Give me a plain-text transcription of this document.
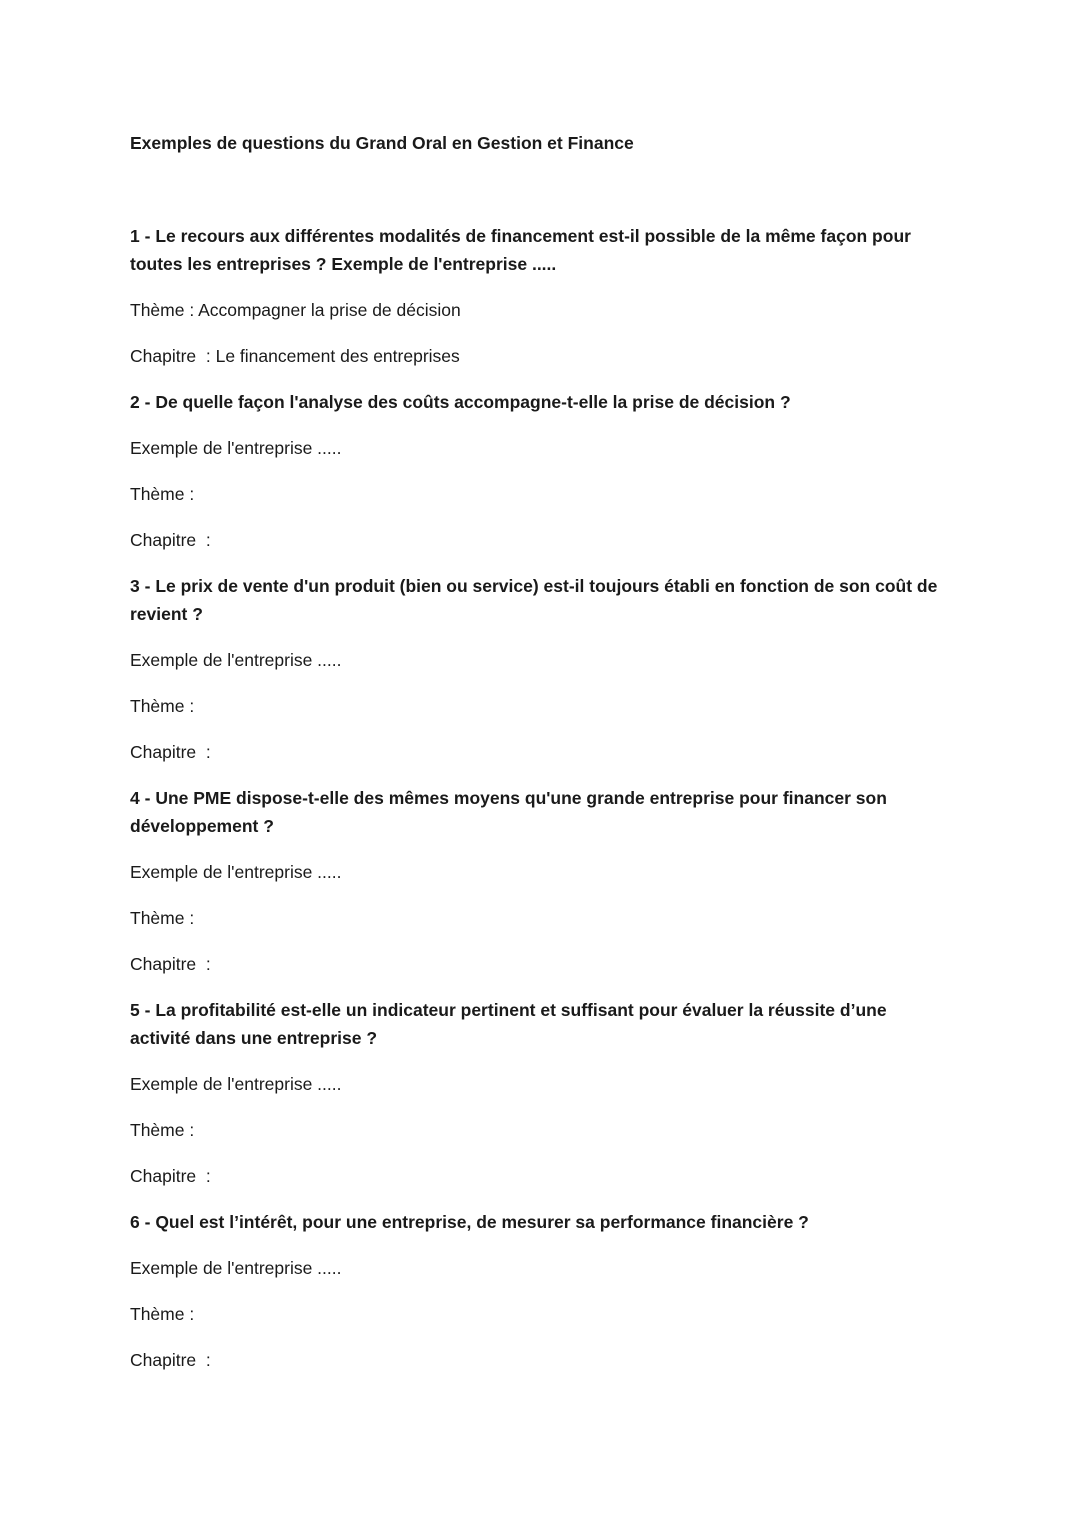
Exemples de questions du Grand Oral en Gestion et Finance
1 - Le recours aux différentes modalités de financement est-il possible de la même façon pour toutes les entreprises ? Exemple de l'entreprise .....
Thème : Accompagner la prise de décision
Chapitre  : Le financement des entreprises
2 - De quelle façon l'analyse des coûts accompagne-t-elle la prise de décision ?
Exemple de l'entreprise .....
Thème :
Chapitre  :
3 - Le prix de vente d'un produit (bien ou service) est-il toujours établi en fonction de son coût de revient ?
Exemple de l'entreprise .....
Thème :
Chapitre  :
4 - Une PME dispose-t-elle des mêmes moyens qu'une grande entreprise pour financer son développement ?
Exemple de l'entreprise .....
Thème :
Chapitre  :
5 - La profitabilité est-elle un indicateur pertinent et suffisant pour évaluer la réussite d’une activité dans une entreprise ?
Exemple de l'entreprise .....
Thème :
Chapitre  :
6 - Quel est l’intérêt, pour une entreprise, de mesurer sa performance financière ?
Exemple de l'entreprise .....
Thème :
Chapitre  :
